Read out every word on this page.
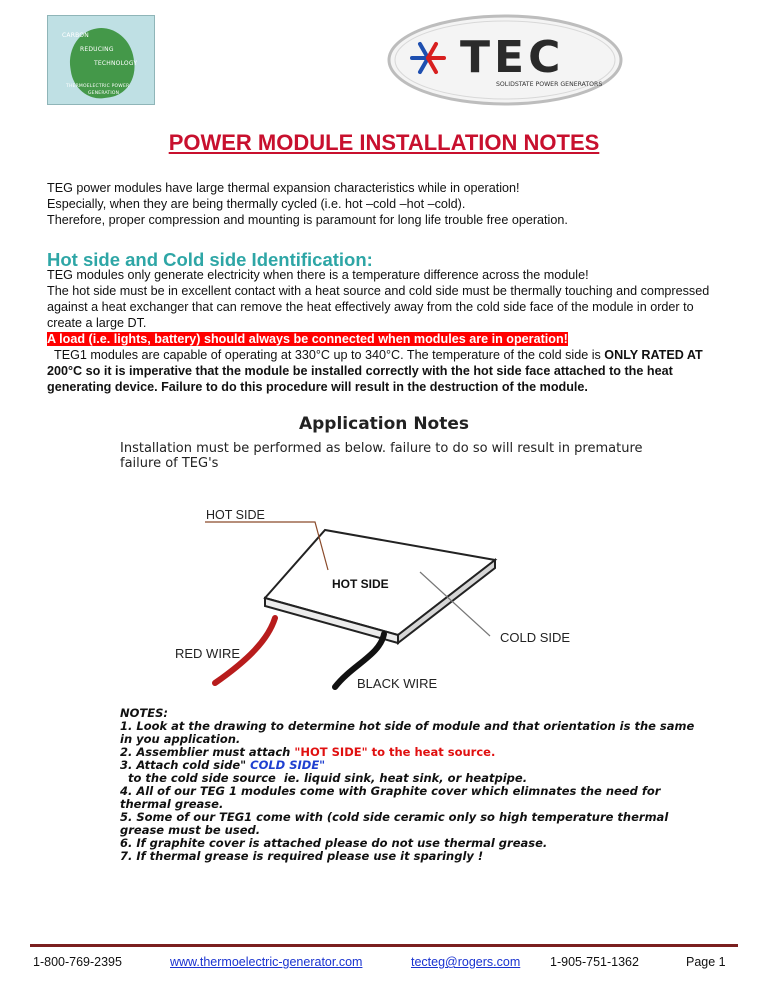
CARBON
REDUCING
TECHNOLOGY
THERMOELECTRIC POWER
GENERATION
TEC
SOLIDSTATE POWER GENERATORS
POWER MODULE INSTALLATION NOTES
TEG power modules have large thermal expansion characteristics while in operation!
Especially, when they are being thermally cycled (i.e. hot –cold –hot –cold).
Therefore, proper compression and mounting is paramount for long life trouble free operation.
Hot side and Cold side Identification:
TEG modules only generate electricity when there is a temperature difference across the module!
The hot side must be in excellent contact with a heat source and cold side must be thermally touching and compressed against a heat exchanger that can remove the heat effectively away from the cold side face of the module in order to create a large DT.
A load (i.e. lights, battery) should always be connected when modules are in operation!
TEG1 modules are capable of operating at 330°C up to 340°C. The temperature of the cold side is ONLY RATED AT 200°C so it is imperative that the module be installed correctly with the hot side face attached to the heat generating device. Failure to do this procedure will result in the destruction of the module.
Application Notes
Installation must be performed as below. failure to do so will result in premature failure of TEG's
HOT SIDE
HOT SIDE
COLD SIDE
RED WIRE
BLACK WIRE
NOTES:
1. Look at the drawing to determine hot side of module and that orientation is the same in you application.
2. Assemblier must attach "HOT SIDE" to the heat source.
3. Attach cold side" COLD SIDE"  to the cold side source  ie. liquid sink, heat sink, or heatpipe.
4. All of our TEG 1 modules come with Graphite cover which elimnates the need for thermal grease.
5. Some of our TEG1 come with (cold side ceramic only so high temperature thermal grease must be used.
6. If graphite cover is attached please do not use thermal grease.
7. If thermal grease is required please use it sparingly !
1-800-769-2395	www.thermoelectric-generator.com	tecteg@rogers.com 1-905-751-1362	Page 1
